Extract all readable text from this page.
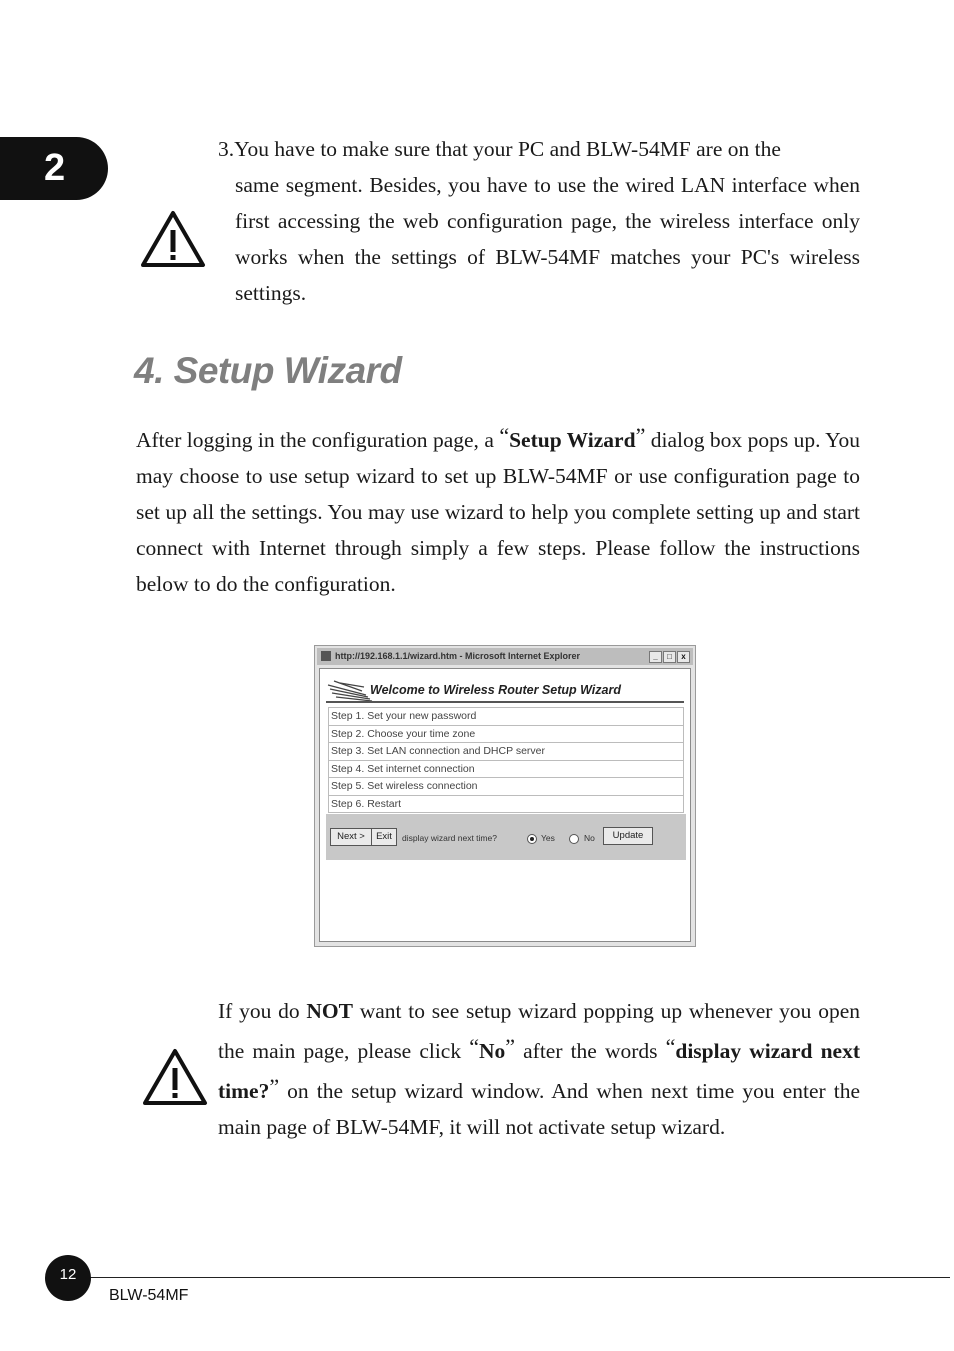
2	3.You have to make sure that your PC and BLW-54MF are on the
same segment. Besides, you have to use the wired LAN interface when first accessing the web configuration page, the wireless interface only works when the settings of BLW-54MF matches your PC's wireless settings.
4. Setup Wizard
After logging in the configuration page, a “Setup Wizard” dialog box pops up. You may choose to use setup wizard to set up BLW-54MF or use configuration page to set up all the settings. You may use wizard to help you complete setting up and start connect with Internet through simply a few steps. Please follow the instructions below to do the configuration.
http://192.168.1.1/wizard.htm - Microsoft Internet Explorer	_	□	x
Welcome to Wireless Router Setup Wizard
Step 1. Set your new password
Step 2. Choose your time zone
Step 3. Set LAN connection and DHCP server
Step 4. Set internet connection
Step 5. Set wireless connection
Step 6. Restart
Next >	Exit	display wizard next time?	Yes	No	Update
If you do NOT want to see setup wizard popping up whenever you open the main page, please click “No” after the words “display wizard next time?” on the setup wizard window. And when next time you enter the main page of BLW-54MF, it will not activate setup wizard.
12
BLW-54MF
